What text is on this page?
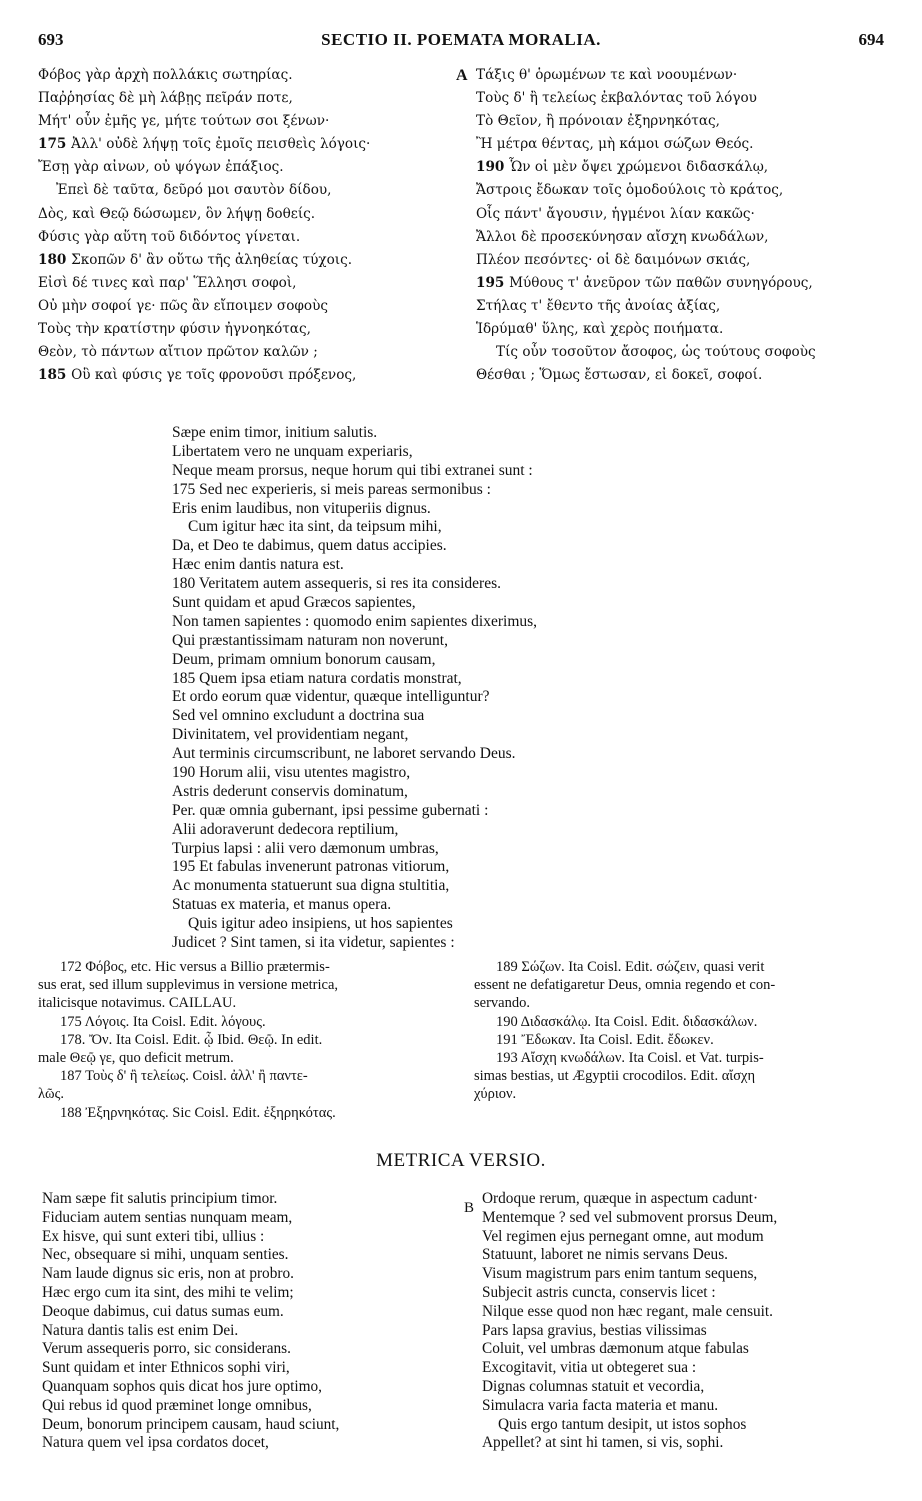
693	SECTIO II. POEMATA MORALIA.	694
Φόβος γὰρ ἀρχὴ πολλάκις σωτηρίας.
Παῤῥησίας δὲ μὴ λάβῃς πεῖράν ποτε,
Μήτ' οὖν ἐμῆς γε, μήτε τούτων σοι ξένων·
175 Ἀλλ' οὐδὲ λήψῃ τοῖς ἐμοῖς πεισθεὶς λόγοις·
Ἔσῃ γὰρ αἰνων, οὐ ψόγων ἐπάξιος.
Ἐπεὶ δὲ ταῦτα, δεῦρό μοι σαυτὸν δίδου,
Δὸς, καὶ Θεῷ δώσωμεν, ὃν λήψῃ δοθείς.
Φύσις γὰρ αὕτη τοῦ διδόντος γίνεται.
180 Σκοπῶν δ' ἂν οὕτω τῆς ἀληθείας τύχοις.
Εἰσὶ δέ τινες καὶ παρ' Ἕλλησι σοφοὶ,
Οὐ μὴν σοφοί γε· πῶς ἂν εἴποιμεν σοφοὺς
Τοὺς τὴν κρατίστην φύσιν ἠγνοηκότας,
Θεὸν, τὸ πάντων αἴτιον πρῶτον καλῶν ;
185 Οὓ καὶ φύσις γε τοῖς φρονοῦσι πρόξενος,
A Τάξις θ' ὁρωμένων τε καὶ νοουμένων·
Τοὺς δ' ἢ τελείως ἐκβαλόντας τοῦ λόγου
Τὸ Θεῖον, ἢ πρόνοιαν ἐξηρνηκότας,
Ἢ μέτρα θέντας, μὴ κάμοι σώζων Θεός.
190 Ὧν οἱ μὲν ὄψει χρώμενοι διδασκάλῳ,
Ἄστροις ἔδωκαν τοῖς ὁμοδούλοις τὸ κράτος,
Οἷς πάντ' ἄγουσιν, ἡγμένοι λίαν κακῶς·
Ἄλλοι δὲ προσεκύνησαν αἴσχη κνωδάλων,
Πλέον πεσόντες· οἱ δὲ δαιμόνων σκιάς,
195 Μύθους τ' ἀνεῦρον τῶν παθῶν συνηγόρους,
Στήλας τ' ἔθεντο τῆς ἀνοίας ἀξίας,
Ἱδρύμαθ' ὕλης, καὶ χερὸς ποιήματα.
Τίς οὖν τοσοῦτον ἄσοφος, ὡς τούτους σοφοὺς
Θέσθαι ; Ὅμως ἔστωσαν, εἰ δοκεῖ, σοφοί.
Sæpe enim timor, initium salutis.
Libertatem vero ne unquam experiaris,
Neque meam prorsus, neque horum qui tibi extranei sunt :
175 Sed nec experieris, si meis pareas sermonibus :
Eris enim laudibus, non vituperiis dignus.
Cum igitur hæc ita sint, da teipsum mihi,
Da, et Deo te dabimus, quem datus accipies.
Hæc enim dantis natura est.
180 Veritatem autem assequeris, si res ita consideres.
Sunt quidam et apud Græcos sapientes,
Non tamen sapientes : quomodo enim sapientes dixerimus,
Qui præstantissimam naturam non noverunt,
Deum, primam omnium bonorum causam,
185 Quem ipsa etiam natura cordatis monstrat,
Et ordo eorum quæ videntur, quæque intelliguntur?
Sed vel omnino excludunt a doctrina sua
Divinitatem, vel providentiam negant,
Aut terminis circumscribunt, ne laboret servando Deus.
190 Horum alii, visu utentes magistro,
Astris dederunt conservis dominatum,
Per. quæ omnia gubernant, ipsi pessime gubernati :
Alii adoraverunt dedecora reptilium,
Turpius lapsi : alii vero dæmonum umbras,
195 Et fabulas invenerunt patronas vitiorum,
Ac monumenta statuerunt sua digna stultitia,
Statuas ex materia, et manus opera.
Quis igitur adeo insipiens, ut hos sapientes
Judicet ? Sint tamen, si ita videtur, sapientes :
172 Φόβος, etc. Hic versus a Billio prætermis-
sus erat, sed illum supplevimus in versione metrica,
italicisque notavimus. CAILLAU.
175 Λόγοις. Ita Coisl. Edit. λόγους.
178. Ὄν. Ita Coisl. Edit. ᾧ Ibid. Θεῷ. In edit.
male Θεῷ γε, quo deficit metrum.
187 Τοὺς δ' ἢ τελείως. Coisl. ἀλλ' ἢ παντε-
λῶς.
188 Ἐξηρνηκότας. Sic Coisl. Edit. ἐξηρηκότας.
189 Σώζων. Ita Coisl. Edit. σώζειν, quasi verit
essent ne defatigaretur Deus, omnia regendo et con-
servando.
190 Διδασκάλῳ. Ita Coisl. Edit. διδασκάλων.
191 Ἔδωκαν. Ita Coisl. Edit. ἔδωκεν.
193 Αἴσχη κνωδάλων. Ita Coisl. et Vat. turpis-
simas bestias, ut Ægyptii crocodilos. Edit. αἴσχη
χύριον.
METRICA VERSIO.
Nam sæpe fit salutis principium timor.
Fiduciam autem sentias nunquam meam,
Ex hisve, qui sunt exteri tibi, ullius :
Nec, obsequare si mihi, unquam senties.
Nam laude dignus sic eris, non at probro.
Hæc ergo cum ita sint, des mihi te velim;
Deoque dabimus, cui datus sumas eum.
Natura dantis talis est enim Dei.
Verum assequeris porro, sic considerans.
Sunt quidam et inter Ethnicos sophi viri,
Quanquam sophos quis dicat hos jure optimo,
Qui rebus id quod præminet longe omnibus,
Deum, bonorum principem causam, haud sciunt,
Natura quem vel ipsa cordatos docet,
B
Ordoque rerum, quæque in aspectum cadunt·
Mentemque ? sed vel submovent prorsus Deum,
Vel regimen ejus pernegant omne, aut modum
Statuunt, laboret ne nimis servans Deus.
Visum magistrum pars enim tantum sequens,
Subjecit astris cuncta, conservis licet :
Nilque esse quod non hæc regant, male censuit.
Pars lapsa gravius, bestias vilissimas
Coluit, vel umbras dæmonum atque fabulas
Excogitavit, vitia ut obtegeret sua :
Dignas columnas statuit et vecordia,
Simulacra varia facta materia et manu.
Quis ergo tantum desipit, ut istos sophos
Appellet? at sint hi tamen, si vis, sophi.
